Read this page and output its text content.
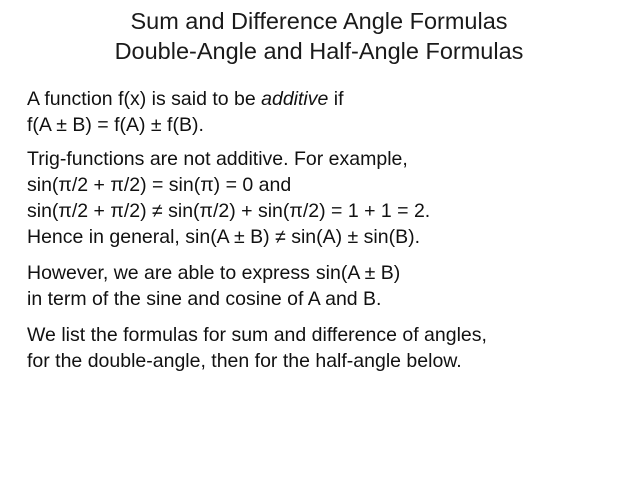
Sum and Difference Angle Formulas
Double-Angle and Half-Angle Formulas
A function f(x) is said to be additive if
f(A ± B) = f(A) ± f(B).
Trig-functions are not additive. For example,
sin(π/2 + π/2) = sin(π) = 0 and
sin(π/2 + π/2) ≠ sin(π/2) + sin(π/2) = 1 + 1 = 2.
Hence in general, sin(A ± B) ≠ sin(A) ± sin(B).
However, we are able to express sin(A ± B)
in term of the sine and cosine of A and B.
We list the formulas for sum and difference of angles,
for the double-angle, then for the half-angle below.
